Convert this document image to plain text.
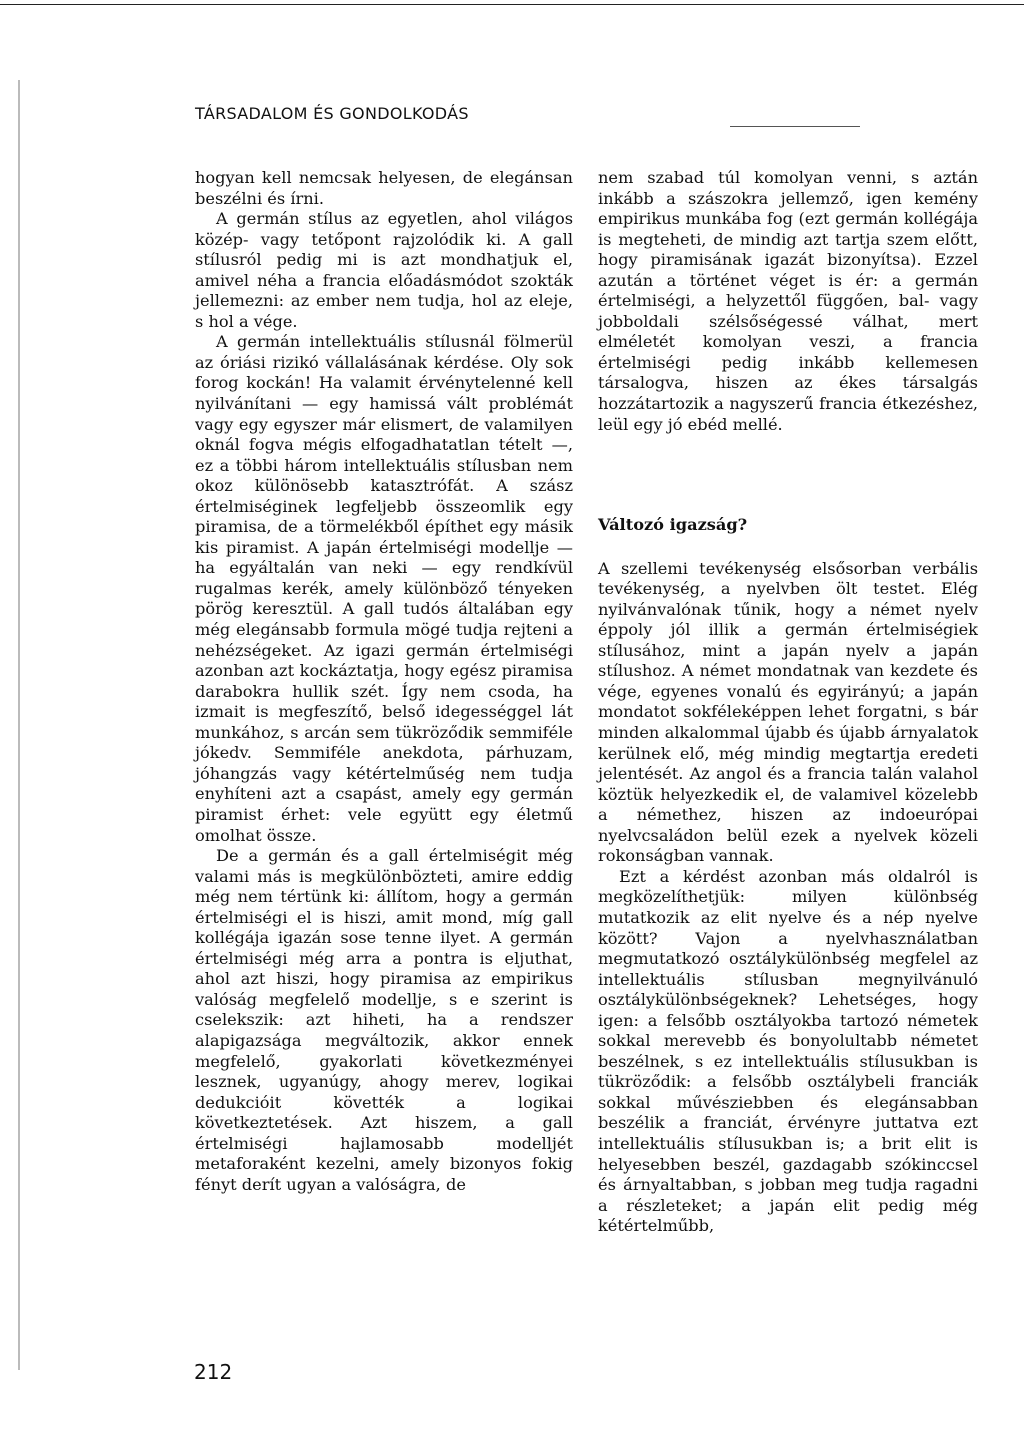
TÁRSADALOM ÉS GONDOLKODÁS

hogyan kell nemcsak helyesen, de elegánsan beszélni és írni.

A germán stílus az egyetlen, ahol világos közép- vagy tetőpont rajzolódik ki. A gall stílusról pedig mi is azt mondhatjuk el, amivel néha a francia előadásmódot szokták jellemezni: az ember nem tudja, hol az eleje, s hol a vége.

A germán intellektuális stílusnál fölmerül az óriási rizikó vállalásának kérdése. Oly sok forog kockán! Ha valamit érvénytelenné kell nyilvánítani — egy hamissá vált problémát vagy egy egyszer már elismert, de valamilyen oknál fogva mégis elfogadhatatlan tételt —, ez a többi három intellektuális stílusban nem okoz különösebb katasztrófát. A szász értelmiséginek legfeljebb összeomlik egy piramisa, de a törmelékből építhet egy másik kis piramist. A japán értelmiségi modellje — ha egyáltalán van neki — egy rendkívül rugalmas kerék, amely különböző tényeken pörög keresztül. A gall tudós általában egy még elegánsabb formula mögé tudja rejteni a nehézségeket. Az igazi germán értelmiségi azonban azt kockáztatja, hogy egész piramisa darabokra hullik szét. Így nem csoda, ha izmait is megfeszítő, belső idegességgel lát munkához, s arcán sem tükröződik semmiféle jókedv. Semmiféle anekdota, párhuzam, jóhangzás vagy kétértelműség nem tudja enyhíteni azt a csapást, amely egy germán piramist érhet: vele együtt egy életmű omolhat össze.

De a germán és a gall értelmiségit még valami más is megkülönbözteti, amire eddig még nem tértünk ki: állítom, hogy a germán értelmiségi el is hiszi, amit mond, míg gall kollégája igazán sose tenne ilyet. A germán értelmiségi még arra a pontra is eljuthat, ahol azt hiszi, hogy piramisa az empirikus valóság megfelelő modellje, s e szerint is cselekszik: azt hiheti, ha a rendszer alapigazsága megváltozik, akkor ennek megfelelő, gyakorlati következményei lesznek, ugyanúgy, ahogy merev, logikai dedukcióit követték a logikai következtetések. Azt hiszem, a gall értelmiségi hajlamosabb modelljét metaforaként kezelni, amely bizonyos fokig fényt derít ugyan a valóságra, de

nem szabad túl komolyan venni, s aztán inkább a szászokra jellemző, igen kemény empirikus munkába fog (ezt germán kollégája is megteheti, de mindig azt tartja szem előtt, hogy piramisának igazát bizonyítsa). Ezzel azután a történet véget is ér: a germán értelmiségi, a helyzettől függően, bal- vagy jobboldali szélsőségessé válhat, mert elméletét komolyan veszi, a francia értelmiségi pedig inkább kellemesen társalogva, hiszen az ékes társalgás hozzátartozik a nagyszerű francia étkezéshez, leül egy jó ebéd mellé.

Változó igazság?

A szellemi tevékenység elsősorban verbális tevékenység, a nyelvben ölt testet. Elég nyilvánvalónak tűnik, hogy a német nyelv éppoly jól illik a germán értelmiségiek stílusához, mint a japán nyelv a japán stílushoz. A német mondatnak van kezdete és vége, egyenes vonalú és egyirányú; a japán mondatot sokféleképpen lehet forgatni, s bár minden alkalommal újabb és újabb árnyalatok kerülnek elő, még mindig megtartja eredeti jelentését. Az angol és a francia talán valahol köztük helyezkedik el, de valamivel közelebb a némethez, hiszen az indoeurópai nyelvcsaládon belül ezek a nyelvek közeli rokonságban vannak.

Ezt a kérdést azonban más oldalról is megközelíthetjük: milyen különbség mutatkozik az elit nyelve és a nép nyelve között? Vajon a nyelvhasználatban megmutatkozó osztálykülönbség megfelel az intellektuális stílusban megnyilvánuló osztálykülönbségeknek? Lehetséges, hogy igen: a felsőbb osztályokba tartozó németek sokkal merevebb és bonyolultabb németet beszélnek, s ez intellektuális stílusukban is tükröződik: a felsőbb osztálybeli franciák sokkal művésziebben és elegánsabban beszélik a franciát, érvényre juttatva ezt intellektuális stílusukban is; a brit elit is helyesebben beszél, gazdagabb szókinccsel és árnyaltabban, s jobban meg tudja ragadni a részleteket; a japán elit pedig még kétértelműbb,

212
